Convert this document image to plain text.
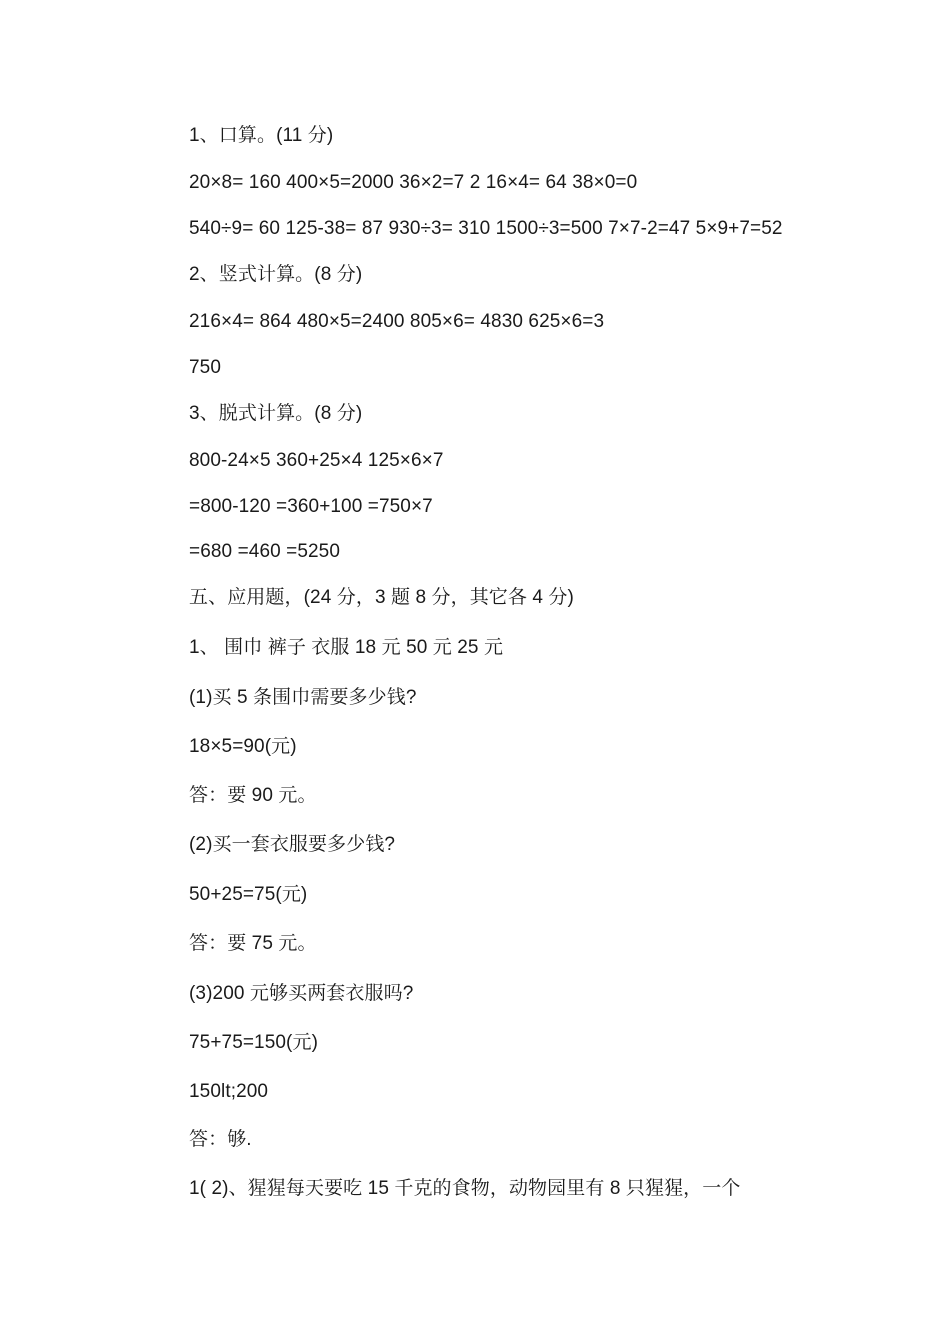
1、口算。(11 分)
20×8= 160 400×5=2000 36×2=7 2 16×4= 64 38×0=0
540÷9= 60 125-38= 87 930÷3= 310 1500÷3=500 7×7-2=47 5×9+7=52
2、竖式计算。(8 分)
216×4= 864 480×5=2400 805×6= 4830 625×6=3
750
3、脱式计算。(8 分)
800-24×5 360+25×4 125×6×7
=800-120 =360+100 =750×7
=680 =460 =5250
五、应用题，(24 分，3 题 8 分，其它各 4 分)
1、 围巾 裤子 衣服 18 元 50 元 25 元
(1)买 5 条围巾需要多少钱?
18×5=90(元)
答：要 90 元。
(2)买一套衣服要多少钱?
50+25=75(元)
答：要 75 元。
(3)200 元够买两套衣服吗?
75+75=150(元)
150lt;200
答：够.
1( 2)、猩猩每天要吃 15 千克的食物，动物园里有 8 只猩猩，一个
